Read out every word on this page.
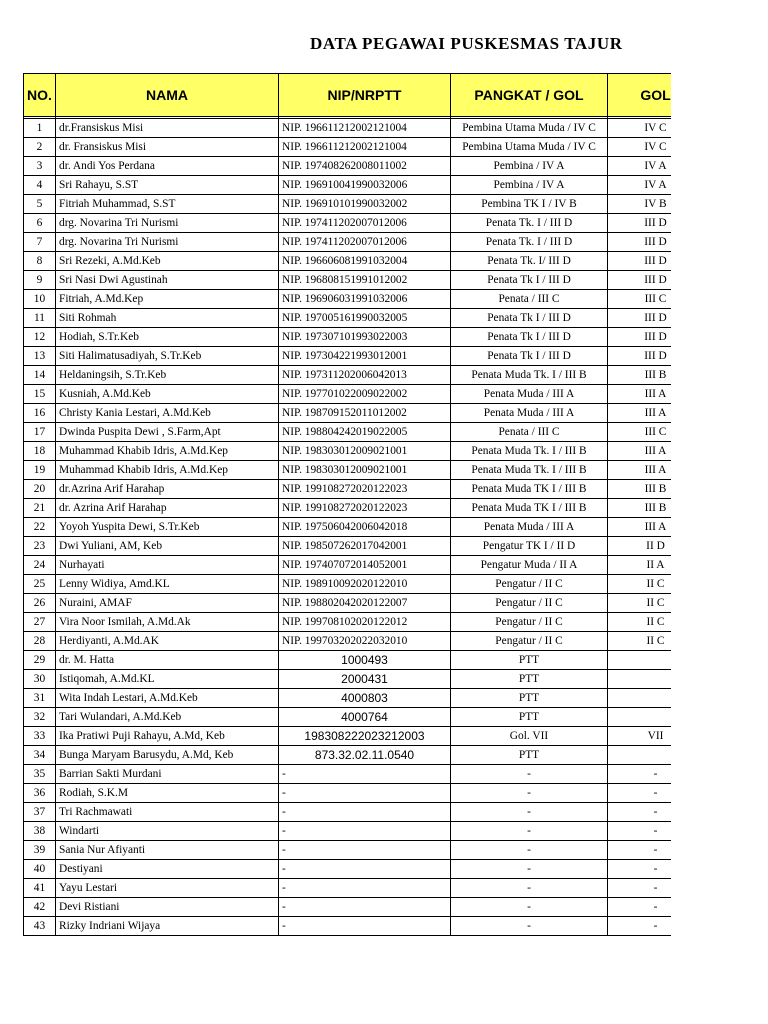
DATA PEGAWAI PUSKESMAS TAJUR
NO.	NAMA	NIP/NRPTT	PANGKAT / GOL	GOL

1	dr.Fransiskus Misi	NIP. 196611212002121004	Pembina Utama Muda / IV C	IV C
2	dr. Fransiskus Misi	NIP. 196611212002121004	Pembina Utama Muda / IV C	IV C
3	dr. Andi Yos Perdana	NIP. 197408262008011002	Pembina / IV A	IV A
4	Sri Rahayu, S.ST	NIP. 196910041990032006	Pembina / IV A	IV A
5	Fitriah Muhammad, S.ST	NIP. 196910101990032002	Pembina TK I / IV B	IV B
6	drg. Novarina Tri Nurismi	NIP. 197411202007012006	Penata Tk. I / III D	III D
7	drg. Novarina Tri Nurismi	NIP. 197411202007012006	Penata Tk. I / III D	III D
8	Sri Rezeki, A.Md.Keb	NIP. 196606081991032004	Penata Tk. I/ III D	III D
9	Sri Nasi Dwi Agustinah	NIP. 196808151991012002	Penata Tk I / III D	III D
10	Fitriah, A.Md.Kep	NIP. 196906031991032006	Penata / III C	III C
11	Siti Rohmah	NIP. 197005161990032005	Penata Tk I / III D	III D
12	Hodiah, S.Tr.Keb	NIP. 197307101993022003	Penata Tk I / III D	III D
13	Siti Halimatusadiyah, S.Tr.Keb	NIP. 197304221993012001	Penata Tk I / III D	III D
14	Heldaningsih, S.Tr.Keb	NIP. 197311202006042013	Penata Muda Tk. I / III B	III B
15	Kusniah, A.Md.Keb	NIP. 197701022009022002	Penata Muda / III A	III A
16	Christy Kania Lestari, A.Md.Keb	NIP. 198709152011012002	Penata Muda / III A	III A
17	Dwinda Puspita Dewi , S.Farm,Apt	NIP. 198804242019022005	Penata / III C	III C
18	Muhammad Khabib Idris, A.Md.Kep	NIP. 198303012009021001	Penata Muda Tk. I / III B	III A
19	Muhammad Khabib Idris, A.Md.Kep	NIP. 198303012009021001	Penata Muda Tk. I / III B	III A
20	dr.Azrina Arif Harahap	NIP. 199108272020122023	Penata Muda TK I / III B	III B
21	dr. Azrina Arif Harahap	NIP. 199108272020122023	Penata Muda TK I / III B	III B
22	Yoyoh Yuspita Dewi, S.Tr.Keb	NIP. 197506042006042018	Penata Muda / III A	III A
23	Dwi Yuliani, AM, Keb	NIP. 198507262017042001	Pengatur TK I / II D	II D
24	Nurhayati	NIP. 197407072014052001	Pengatur Muda / II A	II A
25	Lenny Widiya, Amd.KL	NIP. 198910092020122010	Pengatur / II C	II C
26	Nuraini, AMAF	NIP. 198802042020122007	Pengatur / II C	II C
27	Vira Noor Ismilah, A.Md.Ak	NIP. 199708102020122012	Pengatur / II C	II C
28	Herdiyanti, A.Md.AK	NIP. 199703202022032010	Pengatur / II C	II C
29	dr. M. Hatta	1000493	PTT	
30	Istiqomah, A.Md.KL	2000431	PTT	
31	Wita Indah Lestari, A.Md.Keb	4000803	PTT	
32	Tari Wulandari, A.Md.Keb	4000764	PTT	
33	Ika Pratiwi Puji Rahayu, A.Md, Keb	198308222023212003	Gol. VII	VII
34	Bunga Maryam Barusydu, A.Md, Keb	873.32.02.11.0540	PTT	
35	Barrian Sakti Murdani	-	-	-
36	Rodiah, S.K.M	-	-	-
37	Tri Rachmawati	-	-	-
38	Windarti	-	-	-
39	Sania Nur Afiyanti	-	-	-
40	Destiyani	-	-	-
41	Yayu Lestari	-	-	-
42	Devi Ristiani	-	-	-
43	Rizky Indriani Wijaya	-	-	-
